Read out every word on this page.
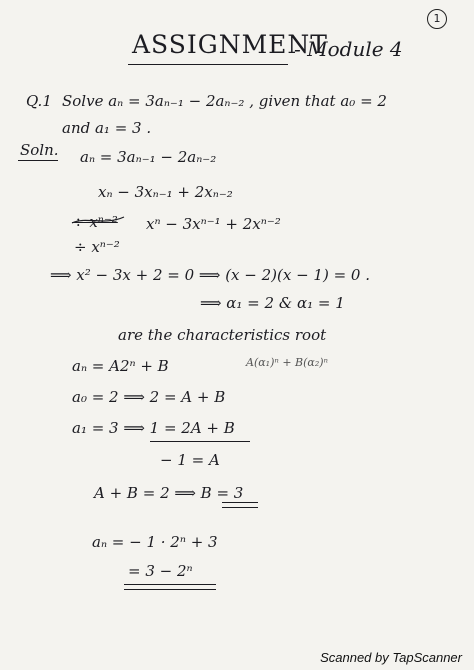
1
ASSIGNMENT
- Module 4
Q.1 Solve aₙ = 3aₙ₋₁ − 2aₙ₋₂ , given that a₀ = 2
and a₁ = 3 .
Soln. aₙ = 3aₙ₋₁ − 2aₙ₋₂
xₙ − 3xₙ₋₁ + 2xₙ₋₂
÷ xⁿ⁻² xⁿ − 3xⁿ⁻¹ + 2xⁿ⁻²
÷ xⁿ⁻²
⟹ x² − 3x + 2 = 0 ⟹ (x − 2)(x − 1) = 0 .
⟹ α₁ = 2 & α₁ = 1
are the characteristics root
aₙ = A2ⁿ + B	A(α₁)ⁿ + B(α₂)ⁿ
a₀ = 2 ⟹ 2 = A + B
a₁ = 3 ⟹ 1 = 2A + B
− 1 = A
A + B = 2 ⟹ B = 3
aₙ = − 1 · 2ⁿ + 3
= 3 − 2ⁿ
Scanned by TapScanner
